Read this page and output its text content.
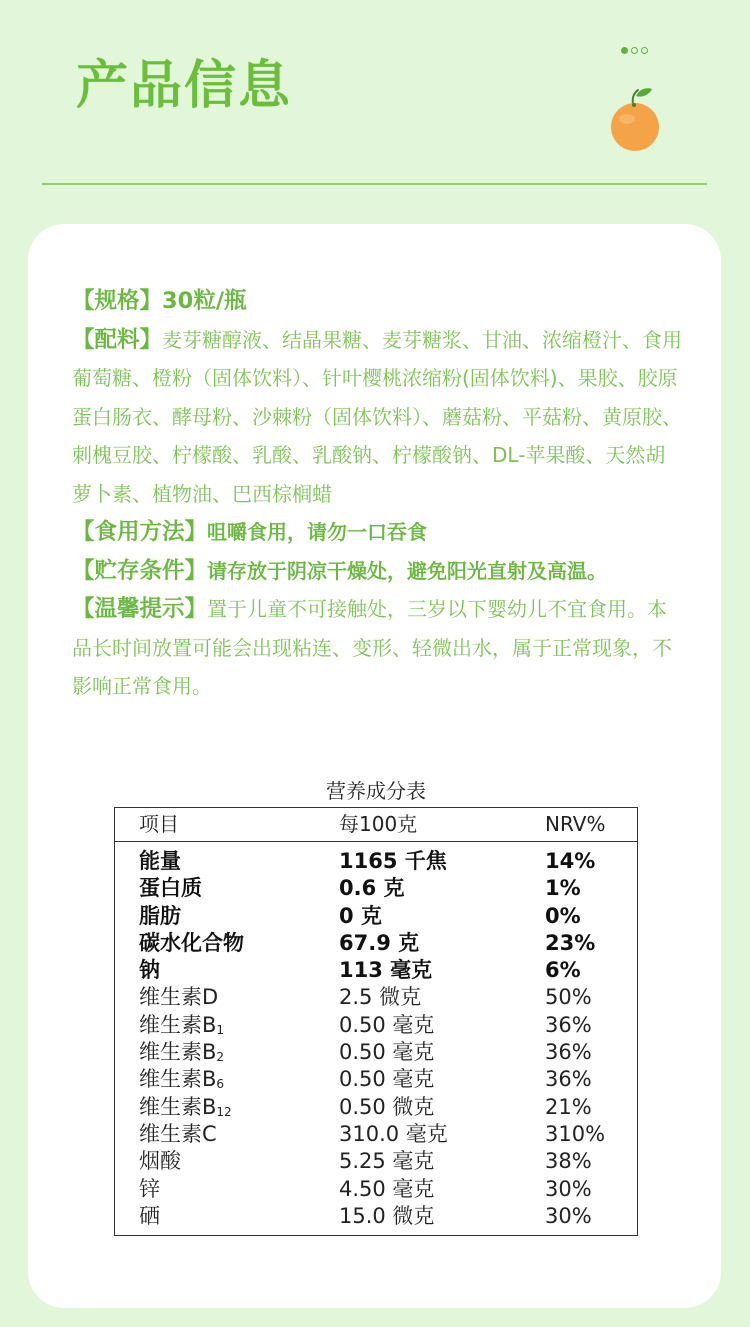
产品信息

【规格】30粒/瓶

【配料】麦芽糖醇液、结晶果糖、麦芽糖浆、甘油、浓缩橙汁、食用葡萄糖、橙粉（固体饮料）、针叶樱桃浓缩粉(固体饮料)、果胶、胶原蛋白肠衣、酵母粉、沙棘粉（固体饮料）、蘑菇粉、平菇粉、黄原胶、刺槐豆胶、柠檬酸、乳酸、乳酸钠、柠檬酸钠、DL-苹果酸、天然胡萝卜素、植物油、巴西棕榈蜡

【食用方法】咀嚼食用，请勿一口吞食

【贮存条件】请存放于阴凉干燥处，避免阳光直射及高温。

【温馨提示】置于儿童不可接触处，三岁以下婴幼儿不宜食用。本品长时间放置可能会出现粘连、变形、轻微出水，属于正常现象，不影响正常食用。

营养成分表
项目	每100克	NRV%
能量	1165 千焦	14%
蛋白质	0.6 克	1%
脂肪	0 克	0%
碳水化合物	67.9 克	23%
钠	113 毫克	6%
维生素D	2.5 微克	50%
维生素$B_1$	0.50 毫克	36%
维生素$B_2$	0.50 毫克	36%
维生素$B_6$	0.50 毫克	36%
维生素$B_{12}$	0.50 微克	21%
维生素C	310.0 毫克	310%
烟酸	5.25 毫克	38%
锌	4.50 毫克	30%
硒	15.0 微克	30%
